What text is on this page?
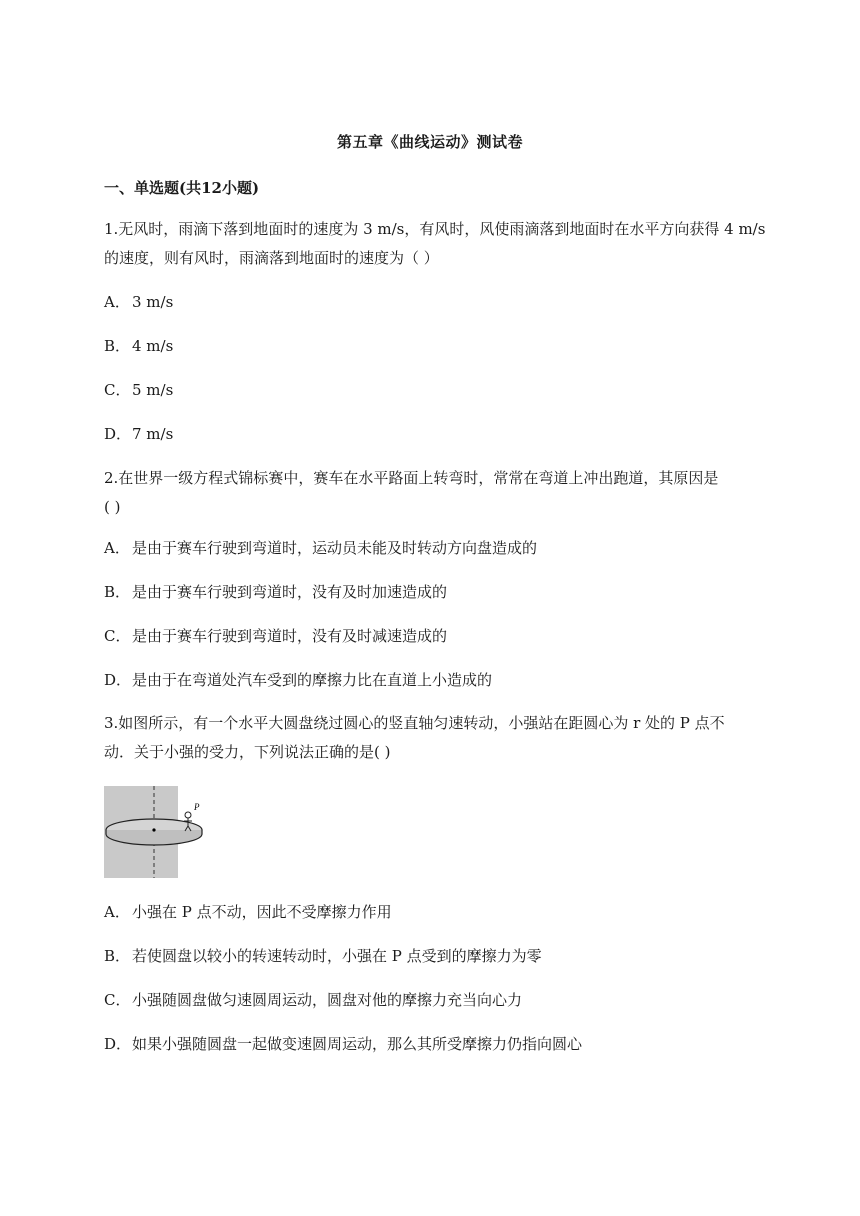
第五章《曲线运动》测试卷
一、单选题(共12小题)
1.无风时，雨滴下落到地面时的速度为 3 m/s，有风时，风使雨滴落到地面时在水平方向获得 4 m/s
的速度，则有风时，雨滴落到地面时的速度为（ ）
A． 3 m/s
B． 4 m/s
C． 5 m/s
D．7 m/s
2.在世界一级方程式锦标赛中，赛车在水平路面上转弯时，常常在弯道上冲出跑道，其原因是
( )
A． 是由于赛车行驶到弯道时，运动员未能及时转动方向盘造成的
B． 是由于赛车行驶到弯道时，没有及时加速造成的
C． 是由于赛车行驶到弯道时，没有及时减速造成的
D．是由于在弯道处汽车受到的摩擦力比在直道上小造成的
3.如图所示，有一个水平大圆盘绕过圆心的竖直轴匀速转动，小强站在距圆心为 r 处的 P 点不
动．关于小强的受力，下列说法正确的是( )
P
A． 小强在 P 点不动，因此不受摩擦力作用
B． 若使圆盘以较小的转速转动时，小强在 P 点受到的摩擦力为零
C． 小强随圆盘做匀速圆周运动，圆盘对他的摩擦力充当向心力
D．如果小强随圆盘一起做变速圆周运动，那么其所受摩擦力仍指向圆心
